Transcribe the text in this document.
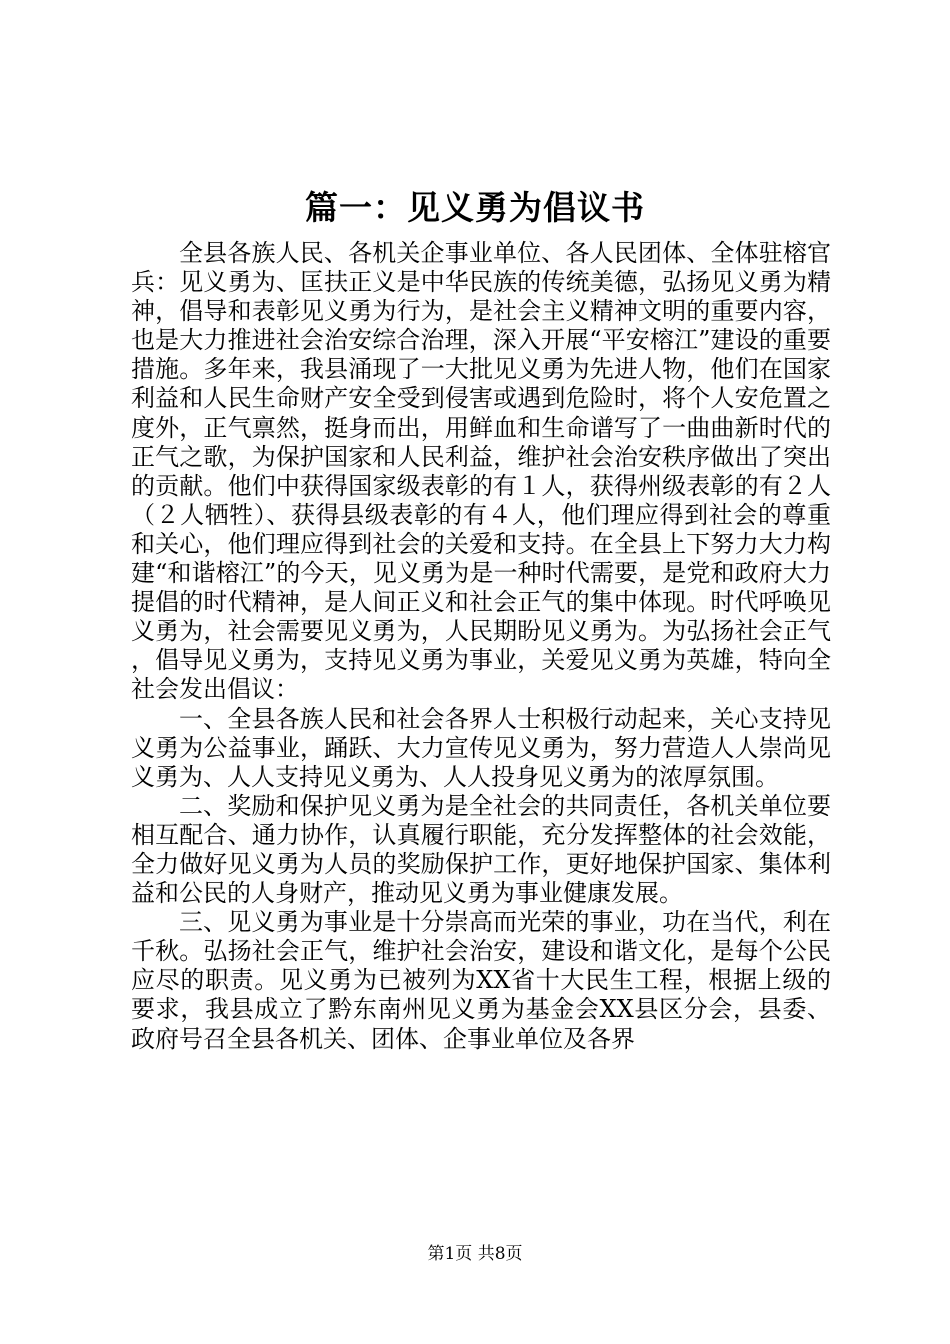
篇一：见义勇为倡议书

全县各族人民、各机关企事业单位、各人民团体、全体驻榕官兵：见义勇为、匡扶正义是中华民族的传统美德，弘扬见义勇为精神，倡导和表彰见义勇为行为，是社会主义精神文明的重要内容，也是大力推进社会治安综合治理，深入开展“平安榕江”建设的重要措施。多年来，我县涌现了一大批见义勇为先进人物，他们在国家利益和人民生命财产安全受到侵害或遇到危险时，将个人安危置之度外，正气禀然，挺身而出，用鲜血和生命谱写了一曲曲新时代的正气之歌，为保护国家和人民利益，维护社会治安秩序做出了突出的贡献。他们中获得国家级表彰的有１人，获得州级表彰的有２人（２人牺牲）、获得县级表彰的有４人，他们理应得到社会的尊重和关心，他们理应得到社会的关爱和支持。在全县上下努力大力构建“和谐榕江”的今天，见义勇为是一种时代需要，是党和政府大力提倡的时代精神，是人间正义和社会正气的集中体现。时代呼唤见义勇为，社会需要见义勇为，人民期盼见义勇为。为弘扬社会正气，倡导见义勇为，支持见义勇为事业，关爱见义勇为英雄，特向全社会发出倡议：

一、全县各族人民和社会各界人士积极行动起来，关心支持见义勇为公益事业，踊跃、大力宣传见义勇为，努力营造人人崇尚见义勇为、人人支持见义勇为、人人投身见义勇为的浓厚氛围。

二、奖励和保护见义勇为是全社会的共同责任，各机关单位要相互配合、通力协作，认真履行职能，充分发挥整体的社会效能，全力做好见义勇为人员的奖励保护工作，更好地保护国家、集体利益和公民的人身财产，推动见义勇为事业健康发展。

三、见义勇为事业是十分崇高而光荣的事业，功在当代，利在千秋。弘扬社会正气，维护社会治安，建设和谐文化，是每个公民应尽的职责。见义勇为已被列为XX省十大民生工程，根据上级的要求，我县成立了黔东南州见义勇为基金会XX县区分会，县委、政府号召全县各机关、团体、企事业单位及各界

第1页 共8页
